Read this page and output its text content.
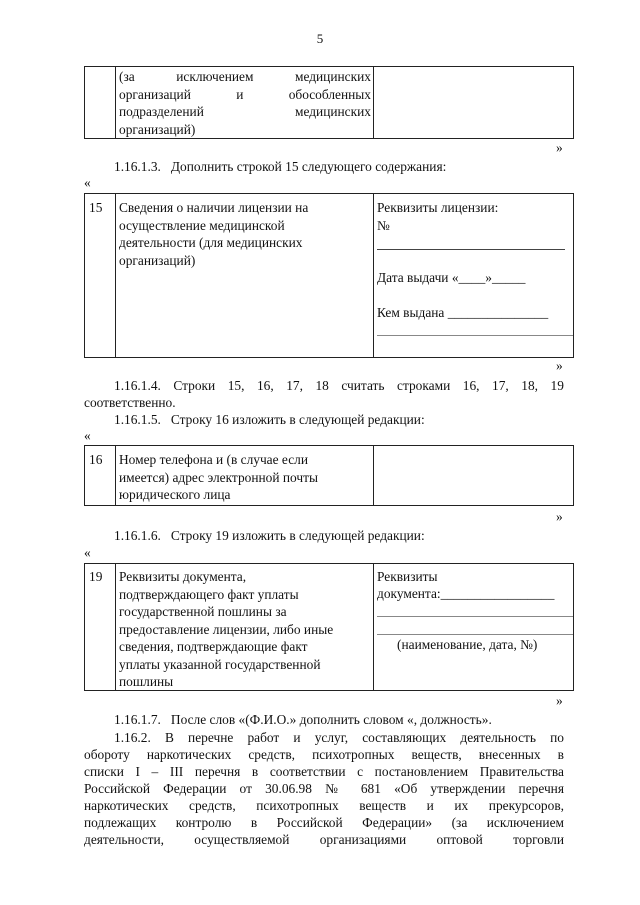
5
(за исключением медицинских
организаций и обособленных
подразделений медицинских
организаций)
»
1.16.1.3.   Дополнить строкой 15 следующего содержания:
«
15 Сведения о наличии лицензии на
осуществление медицинской
деятельности (для медицинских
организаций)
Реквизиты лицензии:
№
Дата выдачи «____»_____
Кем выдана _______________
»
1.16.1.4. Строки 15, 16, 17, 18 считать строками 16, 17, 18, 19
соответственно.
1.16.1.5.   Строку 16 изложить в следующей редакции:
«
16 Номер телефона и (в случае если
имеется) адрес электронной почты
юридического лица
»
1.16.1.6.   Строку 19 изложить в следующей редакции:
«
19 Реквизиты документа,
подтверждающего факт уплаты
государственной пошлины за
предоставление лицензии, либо иные
сведения, подтверждающие факт
уплаты указанной государственной
пошлины
Реквизиты
документа:_________________
(наименование, дата, №)
»
1.16.1.7.   После слов «(Ф.И.О.» дополнить словом «, должность».
1.16.2. В перечне работ и услуг, составляющих деятельность по
обороту наркотических средств, психотропных веществ, внесенных в
списки I – III перечня в соответствии с постановлением Правительства
Российской Федерации от 30.06.98 № 681 «Об утверждении перечня
наркотических средств, психотропных веществ и их прекурсоров,
подлежащих контролю в Российской Федерации» (за исключением
деятельности, осуществляемой организациями оптовой торговли
